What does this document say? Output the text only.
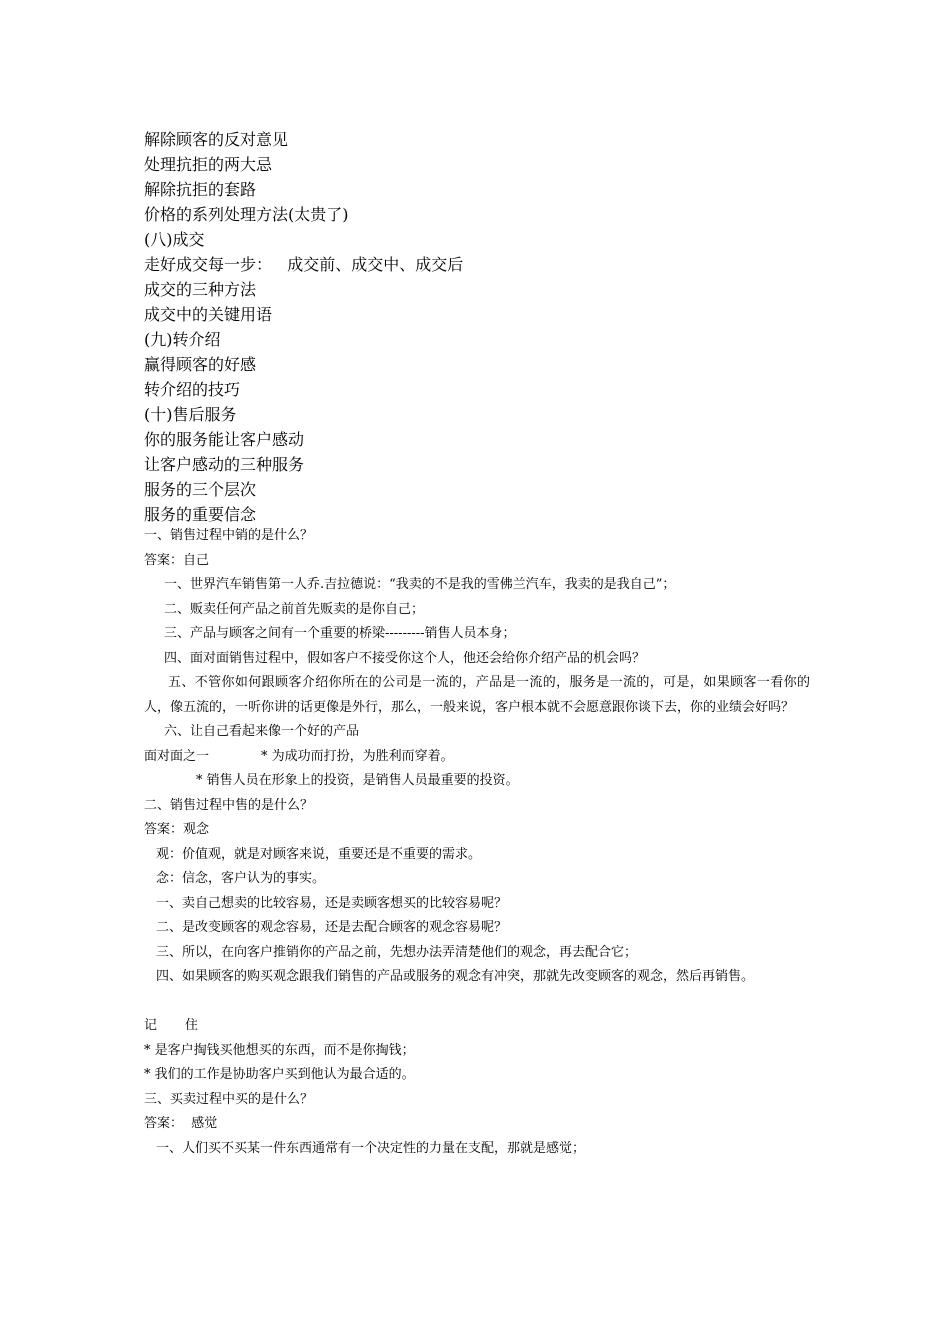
解除顾客的反对意见
处理抗拒的两大忌
解除抗拒的套路
价格的系列处理方法(太贵了)
(八)成交
走好成交每一步：   成交前、成交中、成交后
成交的三种方法
成交中的关键用语
(九)转介绍
赢得顾客的好感
转介绍的技巧
(十)售后服务
你的服务能让客户感动
让客户感动的三种服务
服务的三个层次
服务的重要信念
一、销售过程中销的是什么？
答案：自己
一、世界汽车销售第一人乔.吉拉德说：“我卖的不是我的雪佛兰汽车，我卖的是我自己”；
二、贩卖任何产品之前首先贩卖的是你自己；
三、产品与顾客之间有一个重要的桥梁---------销售人员本身；
四、面对面销售过程中，假如客户不接受你这个人，他还会给你介绍产品的机会吗？
五、不管你如何跟顾客介绍你所在的公司是一流的，产品是一流的，服务是一流的，可是，如果顾客一看你的人，像五流的，一听你讲的话更像是外行，那么，一般来说，客户根本就不会愿意跟你谈下去，你的业绩会好吗？
六、让自己看起来像一个好的产品
面对面之一	* 为成功而打扮，为胜利而穿着。
* 销售人员在形象上的投资，是销售人员最重要的投资。
二、销售过程中售的是什么？
答案：观念
观：价值观，就是对顾客来说，重要还是不重要的需求。
念：信念，客户认为的事实。
一、卖自己想卖的比较容易，还是卖顾客想买的比较容易呢？
二、是改变顾客的观念容易，还是去配合顾客的观念容易呢？
三、所以，在向客户推销你的产品之前，先想办法弄清楚他们的观念，再去配合它；
四、如果顾客的购买观念跟我们销售的产品或服务的观念有冲突，那就先改变顾客的观念，然后再销售。
记 住
* 是客户掏钱买他想买的东西，而不是你掏钱；
* 我们的工作是协助客户买到他认为最合适的。
三、买卖过程中买的是什么？
答案：  感觉
一、人们买不买某一件东西通常有一个决定性的力量在支配，那就是感觉；
